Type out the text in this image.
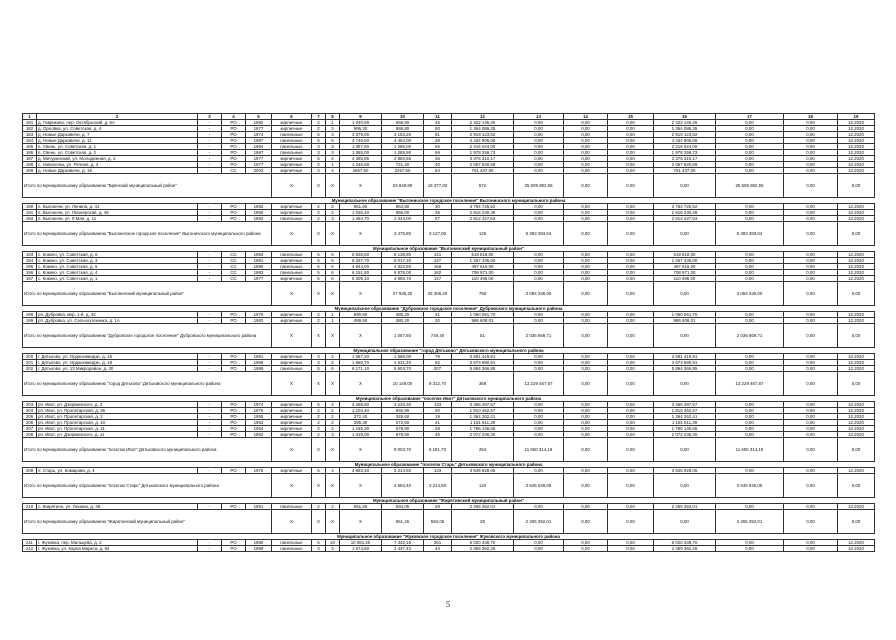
1	2	3	4	5	6	7	8	9	10	11	12	13	14	15	16	17	18	19
181	д. Гавриково, пер. Октябрьский, д. 6А	-	РО	1982	кирпичные	2	1	1 040,58	666,80	45	2 422 146,25	0,00	0,00	0,00	2 422 146,25	0,00	0,00	12.2020
182	д. Орловка, ул. Советская, д. 4	-	РО	1977	кирпичные	2	3	986,30	886,80	50	1 364 086,35	0,00	0,00	0,00	1 364 086,35	0,00	0,00	12.2020
183	д. Новые Дарковичи, д. 7	-	РО	1974	панельные	5	3	3 379,00	3 153,20	81	2 919 123,82	0,00	0,00	0,00	2 919 123,82	0,00	0,00	12.2020
184	д. Новые Дарковичи, д. 11	-	РО	1987	панельные	5	6	4 749,50	4 454,00	38	4 434 905,06	0,00	0,00	0,00	4 434 905,06	0,00	0,00	12.2020
185	п. Свень, ул. Советская, д. 1	-	РО	1984	панельные	3	3	1 387,60	1 286,00	65	2 216 024,00	0,00	0,00	0,00	2 216 024,00	0,00	0,00	12.2020
186	п. Свень, ул. Советская, д. 2	-	РО	1987	панельные	3	3	1 385,00	1 285,50	69	1 978 259,73	0,00	0,00	0,00	1 978 259,73	0,00	0,00	12.2020
187	д. Мичуринский, ул. Молодежная, д. 2	-	РО	1977	кирпичные	5	4	4 385,86	2 883,65	36	3 376 310,17	0,00	0,00	0,00	3 376 310,17	0,00	0,00	12.2020
188	с. Новосельк, ул. Речная, д. 4	-	РО	1977	кирпичные	2	1	1 246,58	721,20	40	2 067 620,69	0,00	0,00	0,00	2 067 620,69	0,00	0,00	12.2020
189	д. Новые Дарковичи, д. 16	-	СС	2003	кирпичные	3	4	2667,60	2257,60	64	751 437,00	0,00	0,00	0,00	751 437,00	0,00	0,00	12.2020
Итого по муниципальному образованию "Брянский муниципальный район"					X	X	X	X	23 848,89	19 377,83	572	25 509 982,55	0,00	0,00	0,00	25 509 982,55	0,00	0,00
Муниципальное образование "Выгоничское городское поселение" Выгоничского муниципального района																		
190	п. Выгоничи, ул. Ленина, д. 41	-	РО	1982	кирпичные	2	3	951,60	854,80	30	3 754 725,52	0,00	0,00	0,00	3 754 725,52	0,00	0,00	12.2020
191	п. Выгоничи, ул. Пионерская, д. 45	-	РО	1960	кирпичные	2	2	1 026,40	856,00	35	2 816 230,49	0,00	0,00	0,00	2 816 230,49	0,00	0,00	12.2020
192	п. Выгоничи, ул. 9 Мая, д. 11	-	РО	1982	панельные	2	3	1 494,70	1 343,00	57	2 812 427,63	0,00	0,00	0,00	2 812 427,63	0,00	0,00	12.2020
Итого по муниципальному образованию "Выгоничское городское поселение" Выгоничского муниципального района					X	X	X	X	3 475,80	3 127,00	125	9 383 383,64	0,00	0,00	0,00	9 383 383,64	0,00	0,00
Муниципальное образование "Выгоничский муниципальный район"																		
193	с. Кокино, ул. Советская, д. 6	-	СС	1984	панельные	5	6	6 838,60	6 138,80	141	519 818,00	0,00	0,00	0,00	519 818,00	0,00	0,00	12.2020
194	с. Кокино, ул. Советская, д. 3	-	СС	1981	кирпичные	5	6	5 337,70	5 017,20	127	1 257 435,00	0,00	0,00	0,00	1 257 435,00	0,00	0,00	12.2020
195	с. Кокино, ул. Советская, д. 5	-	СС	1980	панельные	5	6	4 844,00	4 322,50	158	497 616,00	0,00	0,00	0,00	497 616,00	0,00	0,00	12.2020
196	с. Кокино, ул. Советская, д. 4	-	СС	1983	панельные	5	6	6 151,80	5 879,00	182	708 971,00	0,00	0,00	0,00	708 971,00	0,00	0,00	12.2020
197	с. Кокино, ул. Советская, д. 1	-	СС	1977	кирпичные	5	6	5 309,10	3 955,70	147	110 496,00	0,00	0,00	0,00	110 496,00	0,00	0,00	12.2020
Итого по муниципальному образованию "Выгоничский муниципальный район"					X	X	X	X	27 935,20	25 306,20	755	3 094 336,00	0,00	0,00	0,00	3 094 336,00	0,00	0,00
Муниципальное образование "Дубровское городское поселение" Дубровского муниципального района																		
198	рп. Дубровка, мкр. 1-й, д. 42	-	РО	1970	кирпичные	2	1	590,60	385,20	21	1 060 061,70	0,00	0,00	0,00	1 060 061,70	0,00	0,00	12.2020
199	рп. Дубровка, ул. Сельхозтехника, д. 1А	-	РО	1982	кирпичные	2	1	489,50	380,20	30	986 608,01	0,00	0,00	0,00	986 608,01	0,00	0,00	12.2020
Итого по муниципальному образованию "Дубровское городское поселение" Дубровского муниципального района					X	X	X	X	1 067,60	749,40	51	2 036 669,71	0,00	0,00	0,00	2 036 669,71	0,00	0,00
Муниципальное образование "город Дятьково" Дятьковского муниципального района																		
200	г. Дятьково, ул. Орджоникидзе, д. 15	-	РО	1981	кирпичные	3	2	1 687,20	1 586,00	79	3 681 419,91	0,00	0,00	0,00	3 681 419,91	0,00	0,00	12.2020
201	г. Дятьково, ул. Орджоникидзе, д. 18	-	РО	1958	кирпичные	3	2	1 580,70	1 531,40	82	3 673 680,91	0,00	0,00	0,00	3 673 680,91	0,00	0,00	12.2020
202	г. Дятьково, ул. 13 Микрорайон, д. 30	-	РО	1989	панельные	5	6	6 171,10	5 603,70	207	5 894 366,85	0,00	0,00	0,00	5 894 366,85	0,00	0,00	12.2020
Итого по муниципальному образованию "город Дятьково" Дятьковского муниципального района					X	X	X	X	10 149,00	9 312,70	368	13 229 467,67	0,00	0,00	0,00	13 229 467,67	0,00	0,00
Муниципальное образование "поселок Ивот" Дятьковского муниципального района																		
203	рп. Ивот, ул. Дзержинского, д. 2	-	РО	1974	кирпичные	5	4	4 468,80	3 226,30	133	3 466 497,57	0,00	0,00	0,00	3 466 497,57	0,00	0,00	12.2020
204	рп. Ивот, ул. Пролетарская, д. 36	-	РО	1975	кирпичные	2	2	1 103,40	692,80	20	1 810 462,67	0,00	0,00	0,00	1 810 462,67	0,00	0,00	12.2020
205	рп. Ивот, ул. Пролетарская, д. 2	-	РО	1955	кирпичные	2	2	372,40	349,60	19	1 364 262,41	0,00	0,00	0,00	1 364 262,41	0,00	0,00	12.2020
206	рп. Ивот, ул. Пролетарская, д. 10	-	РО	1953	кирпичные	2	2	395,30	372,60	21	1 181 611,39	0,00	0,00	0,00	1 181 611,39	0,00	0,00	12.2020
207	рп. Ивот, ул. Пролетарская, д. 11	-	РО	1954	кирпичные	2	2	1 155,30	578,80	28	1 766 145,65	0,00	0,00	0,00	1 766 145,65	0,00	0,00	12.2020
208	рп. Ивот, ул. Дзержинского, д. 11	-	РО	1962	кирпичные	2	3	1 319,00	979,60	45	2 072 236,30	0,00	0,00	0,00	2 072 236,30	0,00	0,00	12.2020
Итого по муниципальному образованию "поселок Ивот" Дятьковского муниципального района					X	X	X	X	9 003,70	6 181,70	264	11 650 314,19	0,00	0,00	0,00	11 650 314,19	0,00	0,00
Муниципальное образование "поселок Старь" Дятьковского муниципального района																		
209	п. Старь, ул. Комарова, д. 4	-	РО	1975	кирпичные	5	4	4 683,40	3 214,60	133	3 645 928,05	0,00	0,00	0,00	3 645 928,05	0,00	0,00	12.2020
Итого по муниципальному образованию "поселок Старь" Дятьковского муниципального района					X	X	X	X	4 683,40	3 214,60	133	3 645 928,05	0,00	0,00	0,00	3 645 928,05	0,00	0,00
Муниципальное образование "Жирятинский муниципальный район"																		
210	с. Жирятино, ул. Ленина, д. 38	-	РО	1991	панельные	2	2	651,26	594,05	29	2 265 352,01	0,00	0,00	0,00	2 265 352,01	0,00	0,00	12.2020
Итого по муниципальному образованию "Жирятинский муниципальный район"					X	X	X	X	651,26	594,05	29	2 265 352,01	0,00	0,00	0,00	2 265 352,01	0,00	0,00
Муниципальное образование "Жуковское городское поселение" Жуковского муниципального района																		
211	г. Жуковка, пер. Мальцева, д. 2	-	РО	1985	панельные	5	10	10 081,20	7 342,15	261	6 020 349,70	0,00	0,00	0,00	6 020 349,70	0,00	0,00	12.2020
212	г. Жуковка, ул. Карла Маркса, д. 84	-	РО	1989	панельные	3	3	1 674,50	1 437,43	44	2 359 362,26	0,00	0,00	0,00	2 359 362,26	0,00	0,00	12.2020
5
